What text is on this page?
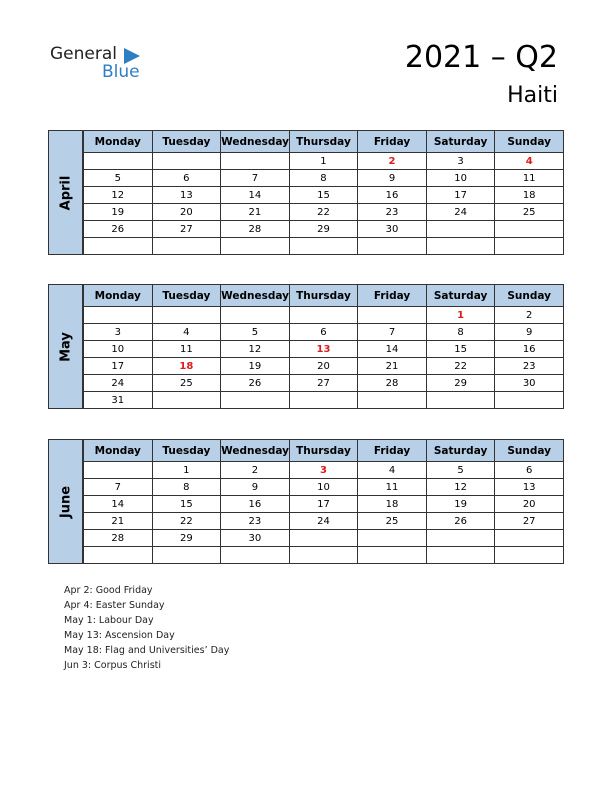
General
Blue	2021 – Q2
Haiti
April
Monday	Tuesday	Wednesday	Thursday	Friday	Saturday	Sunday
			1	2	3	4
5	6	7	8	9	10	11
12	13	14	15	16	17	18
19	20	21	22	23	24	25
26	27	28	29	30		

May
Monday	Tuesday	Wednesday	Thursday	Friday	Saturday	Sunday
					1	2
3	4	5	6	7	8	9
10	11	12	13	14	15	16
17	18	19	20	21	22	23
24	25	26	27	28	29	30
31						
June
Monday	Tuesday	Wednesday	Thursday	Friday	Saturday	Sunday
	1	2	3	4	5	6
7	8	9	10	11	12	13
14	15	16	17	18	19	20
21	22	23	24	25	26	27
28	29	30				

Apr 2: Good Friday
Apr 4: Easter Sunday
May 1: Labour Day
May 13: Ascension Day
May 18: Flag and Universities’ Day
Jun 3: Corpus Christi
